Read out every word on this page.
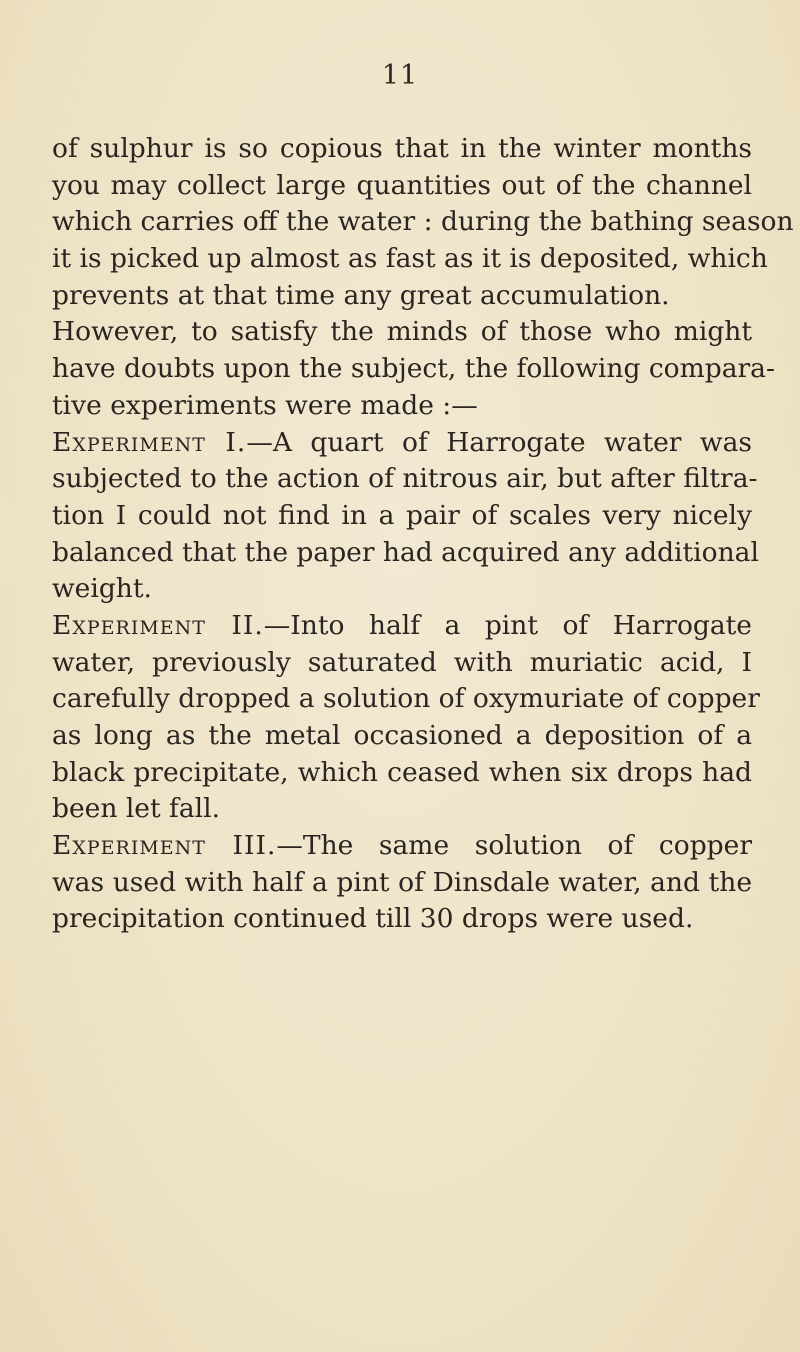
11
of sulphur is so copious that in the winter months
you may collect large quantities out of the channel
which carries off the water : during the bathing season
it is picked up almost as fast as it is deposited, which
prevents at that time any great accumulation.
However, to satisfy the minds of those who might
have doubts upon the subject, the following compara-
tive experiments were made :—
Experiment I.—A quart of Harrogate water was
subjected to the action of nitrous air, but after filtra-
tion I could not find in a pair of scales very nicely
balanced that the paper had acquired any additional
weight.
Experiment II.—Into half a pint of Harrogate
water, previously saturated with muriatic acid, I
carefully dropped a solution of oxymuriate of copper
as long as the metal occasioned a deposition of a
black precipitate, which ceased when six drops had
been let fall.
Experiment III.—The same solution of copper
was used with half a pint of Dinsdale water, and the
precipitation continued till 30 drops were used.
